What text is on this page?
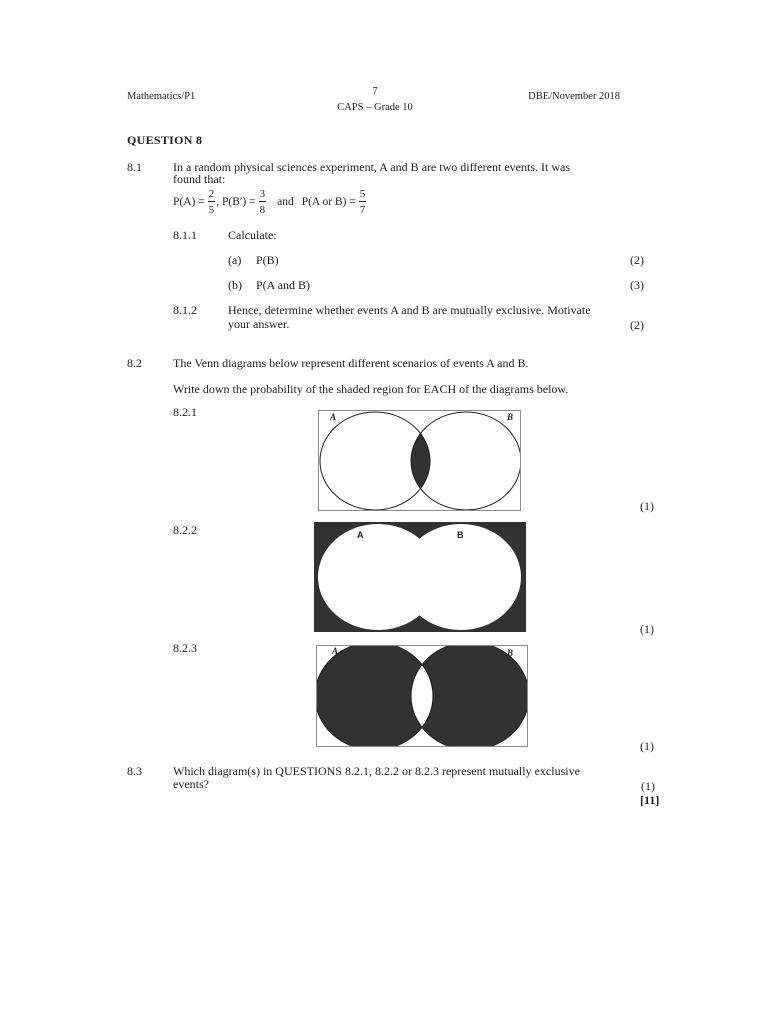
Mathematics/P1	7
CAPS – Grade 10
DBE/November 2018
QUESTION 8
8.1	In a random physical sciences experiment, A and B are two different events. It was
found that:
$P(A) = \frac{2}{5}$ , $P(B') = \frac{3}{8}$ and P(A or $B) = \frac{5}{7}$
8.1.1	Calculate:
(a) P(B)	(2)
(b) P(A and B)	(3)
8.1.2	Hence, determine whether events A and B are mutually exclusive. Motivate
your answer.	(2)
8.2	The Venn diagrams below represent different scenarios of events A and B.
Write down the probability of the shaded region for EACH of the diagrams below.
8.2.1	A	B
(1)
8.2.2	A	B
(1)
8.2.3	A	B
(1)
8.3	Which diagram(s) in QUESTIONS 8.2.1, 8.2.2 or 8.2.3 represent mutually exclusive
events?	(1)
[11]
